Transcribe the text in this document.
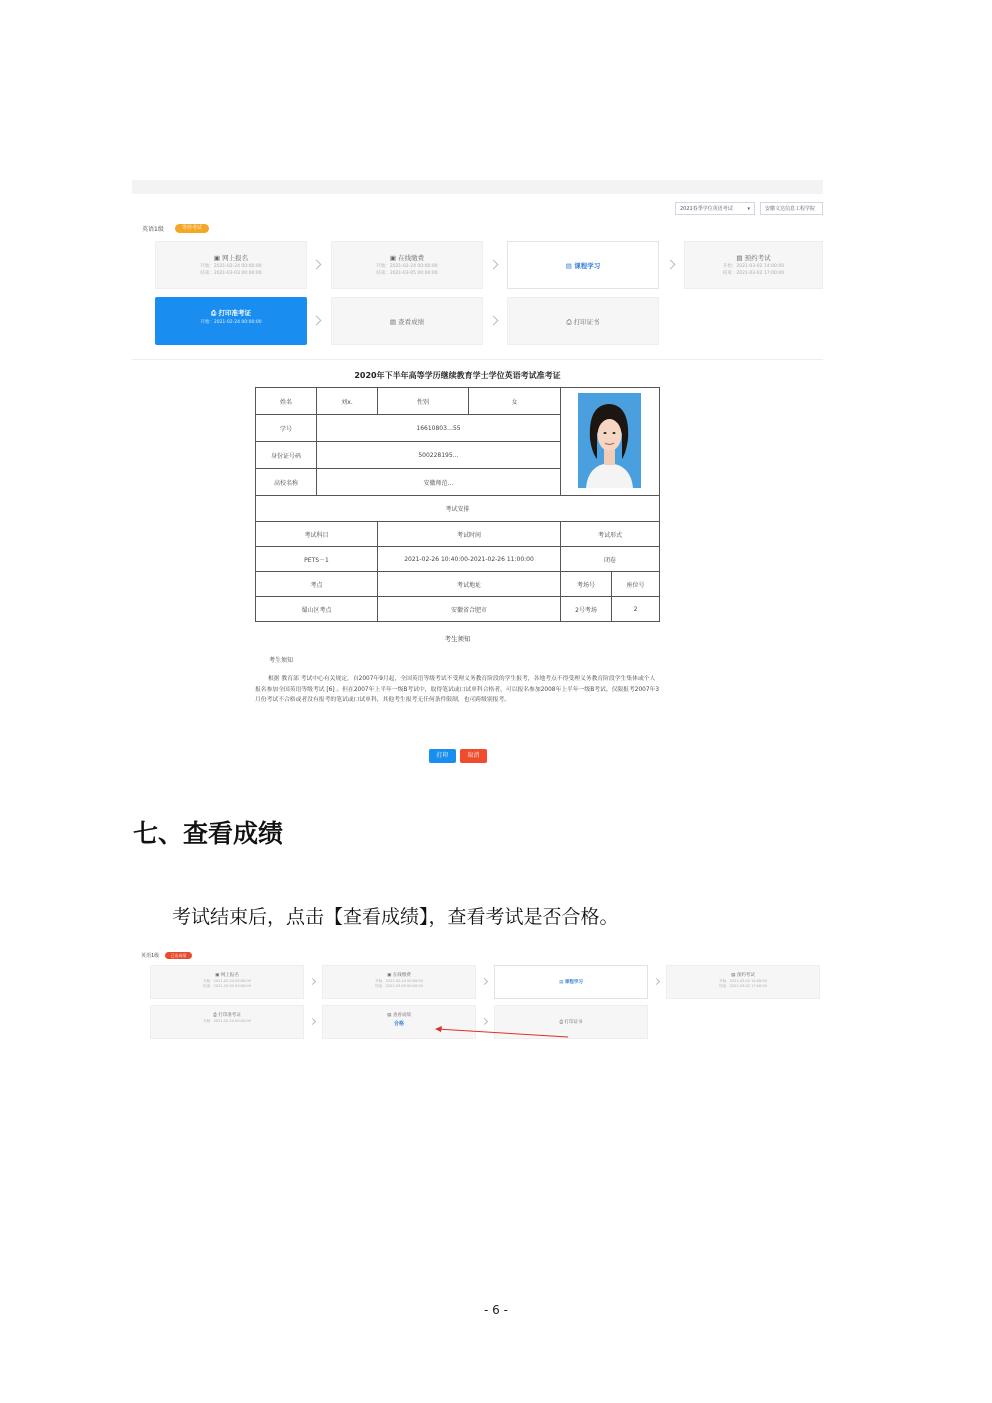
2021春季学位英语考试	▾	安徽文达信息工程学院
英语1级	等待考试
▣ 网上报名
开始：2021-02-24 00:00:00
结束：2021-03-03 00:00:00
▣ 在线缴费
开始：2021-02-24 00:00:00
结束：2021-03-05 00:00:00
▤ 课程学习
▤ 预约考试
开始：2021-03-02 14:00:00
结束：2021-03-02 17:00:00
⎙ 打印准考证
开始：2021-02-24 00:00:00	▤ 查看成绩	⎙ 打印证书
2020年下半年高等学历继续教育学士学位英语考试准考证
姓名	刘x.	性别	女
学号	16610803…55
身份证号码	500228195…
高校名称	安徽师范…
考试安排
考试科目	考试时间	考试形式
PETS－1	2021-02-26 10:40:00-2021-02-26 11:00:00	闭卷
考点	考试地址	考场号	座位号
蜀山区考点	安徽省合肥市	2号考场	2
考生须知
考生须知
根据 教育部 考试中心有关规定，自2007年9月起，全国英语等级考试不受理义务教育阶段的学生报考，各地考点不得受理义务教育阶段学生集体或个人报名参加全国英语等级考试 [6] 。但在2007年上半年一级B考试中，取得笔试或口试单科合格者，可以报名参加2008年上半年一级B考试。仅限报考2007年3月份考试不合格或者没有报考的笔试或口试单科，其他考生报考无任何条件限制，也可跨级别报考。
打印	取消
七、查看成绩
考试结束后，点击【查看成绩】，查看考试是否合格。
英语1级	已出成绩
▣ 网上报名
开始：2021-02-24 00:00:00
结束：2021-03-03 00:00:00
▣ 在线缴费
开始：2021-02-24 00:00:00
结束：2021-03-05 00:00:00
▤ 课程学习
▤ 预约考试
开始：2021-03-02 14:00:00
结束：2021-03-02 17:00:00
⎙ 打印准考证
开始：2021-02-24 00:00:00
▤ 查看成绩
合格	⎙ 打印证书
- 6 -
